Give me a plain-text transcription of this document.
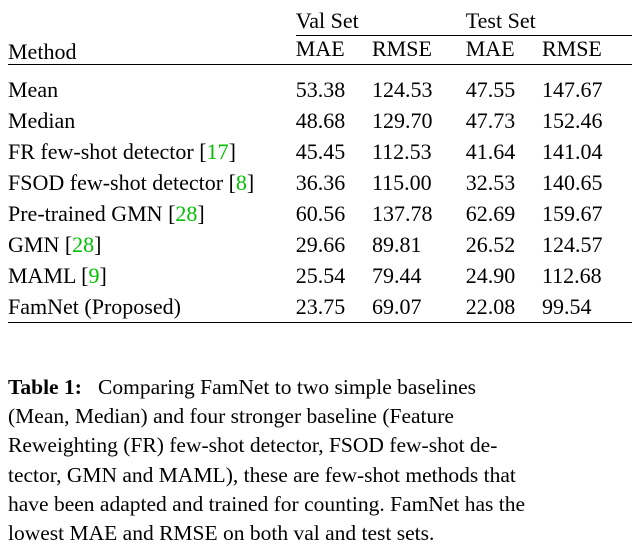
	Val Set		Test Set	
Method	MAE	RMSE	MAE	RMSE

Mean	53.38	124.53	47.55	147.67
Median	48.68	129.70	47.73	152.46
FR few-shot detector [17]	45.45	112.53	41.64	141.04
FSOD few-shot detector [8]	36.36	115.00	32.53	140.65
Pre-trained GMN [28]	60.56	137.78	62.69	159.67
GMN [28]	29.66	89.81	26.52	124.57
MAML [9]	25.54	79.44	24.90	112.68
FamNet (Proposed)	23.75	69.07	22.08	99.54

Table 1: Comparing FamNet to two simple baselines
(Mean, Median) and four stronger baseline (Feature
Reweighting (FR) few-shot detector, FSOD few-shot de-
tector, GMN and MAML), these are few-shot methods that
have been adapted and trained for counting. FamNet has the
lowest MAE and RMSE on both val and test sets.
